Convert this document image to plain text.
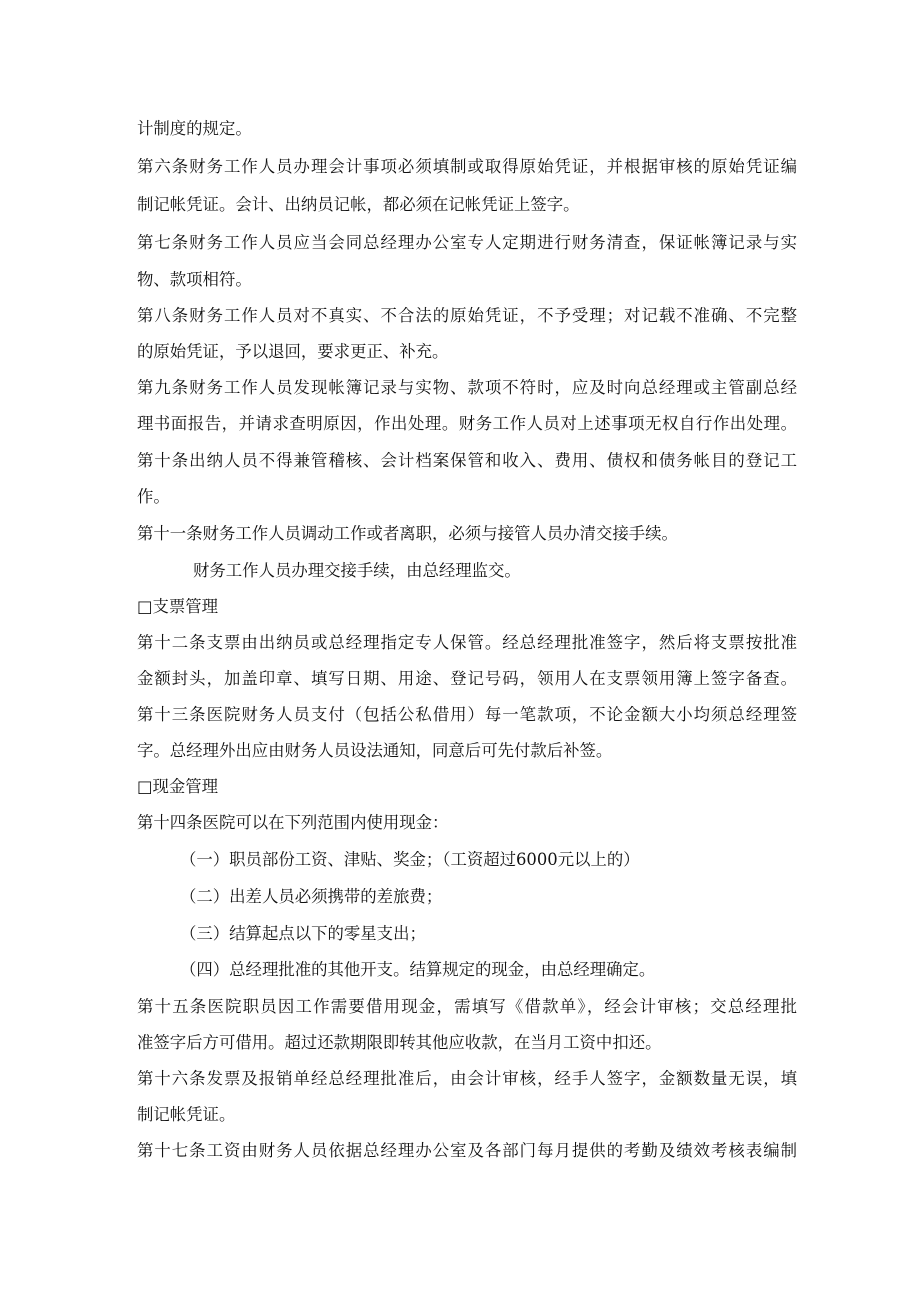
计制度的规定。
第六条财务工作人员办理会计事项必须填制或取得原始凭证，并根据审核的原始凭证编
制记帐凭证。会计、出纳员记帐，都必须在记帐凭证上签字。
第七条财务工作人员应当会同总经理办公室专人定期进行财务清查，保证帐簿记录与实
物、款项相符。
第八条财务工作人员对不真实、不合法的原始凭证，不予受理；对记载不准确、不完整
的原始凭证，予以退回，要求更正、补充。
第九条财务工作人员发现帐簿记录与实物、款项不符时，应及时向总经理或主管副总经
理书面报告，并请求查明原因，作出处理。财务工作人员对上述事项无权自行作出处理。
第十条出纳人员不得兼管稽核、会计档案保管和收入、费用、债权和债务帐目的登记工
作。
第十一条财务工作人员调动工作或者离职，必须与接管人员办清交接手续。
财务工作人员办理交接手续，由总经理监交。
□支票管理
第十二条支票由出纳员或总经理指定专人保管。经总经理批准签字，然后将支票按批准
金额封头，加盖印章、填写日期、用途、登记号码，领用人在支票领用簿上签字备查。
第十三条医院财务人员支付（包括公私借用）每一笔款项，不论金额大小均须总经理签
字。总经理外出应由财务人员设法通知，同意后可先付款后补签。
□现金管理
第十四条医院可以在下列范围内使用现金：
（一）职员部份工资、津贴、奖金；（工资超过6000元以上的）
（二）出差人员必须携带的差旅费；
（三）结算起点以下的零星支出；
（四）总经理批准的其他开支。结算规定的现金，由总经理确定。
第十五条医院职员因工作需要借用现金，需填写《借款单》，经会计审核；交总经理批
准签字后方可借用。超过还款期限即转其他应收款，在当月工资中扣还。
第十六条发票及报销单经总经理批准后，由会计审核，经手人签字，金额数量无误，填
制记帐凭证。
第十七条工资由财务人员依据总经理办公室及各部门每月提供的考勤及绩效考核表编制
